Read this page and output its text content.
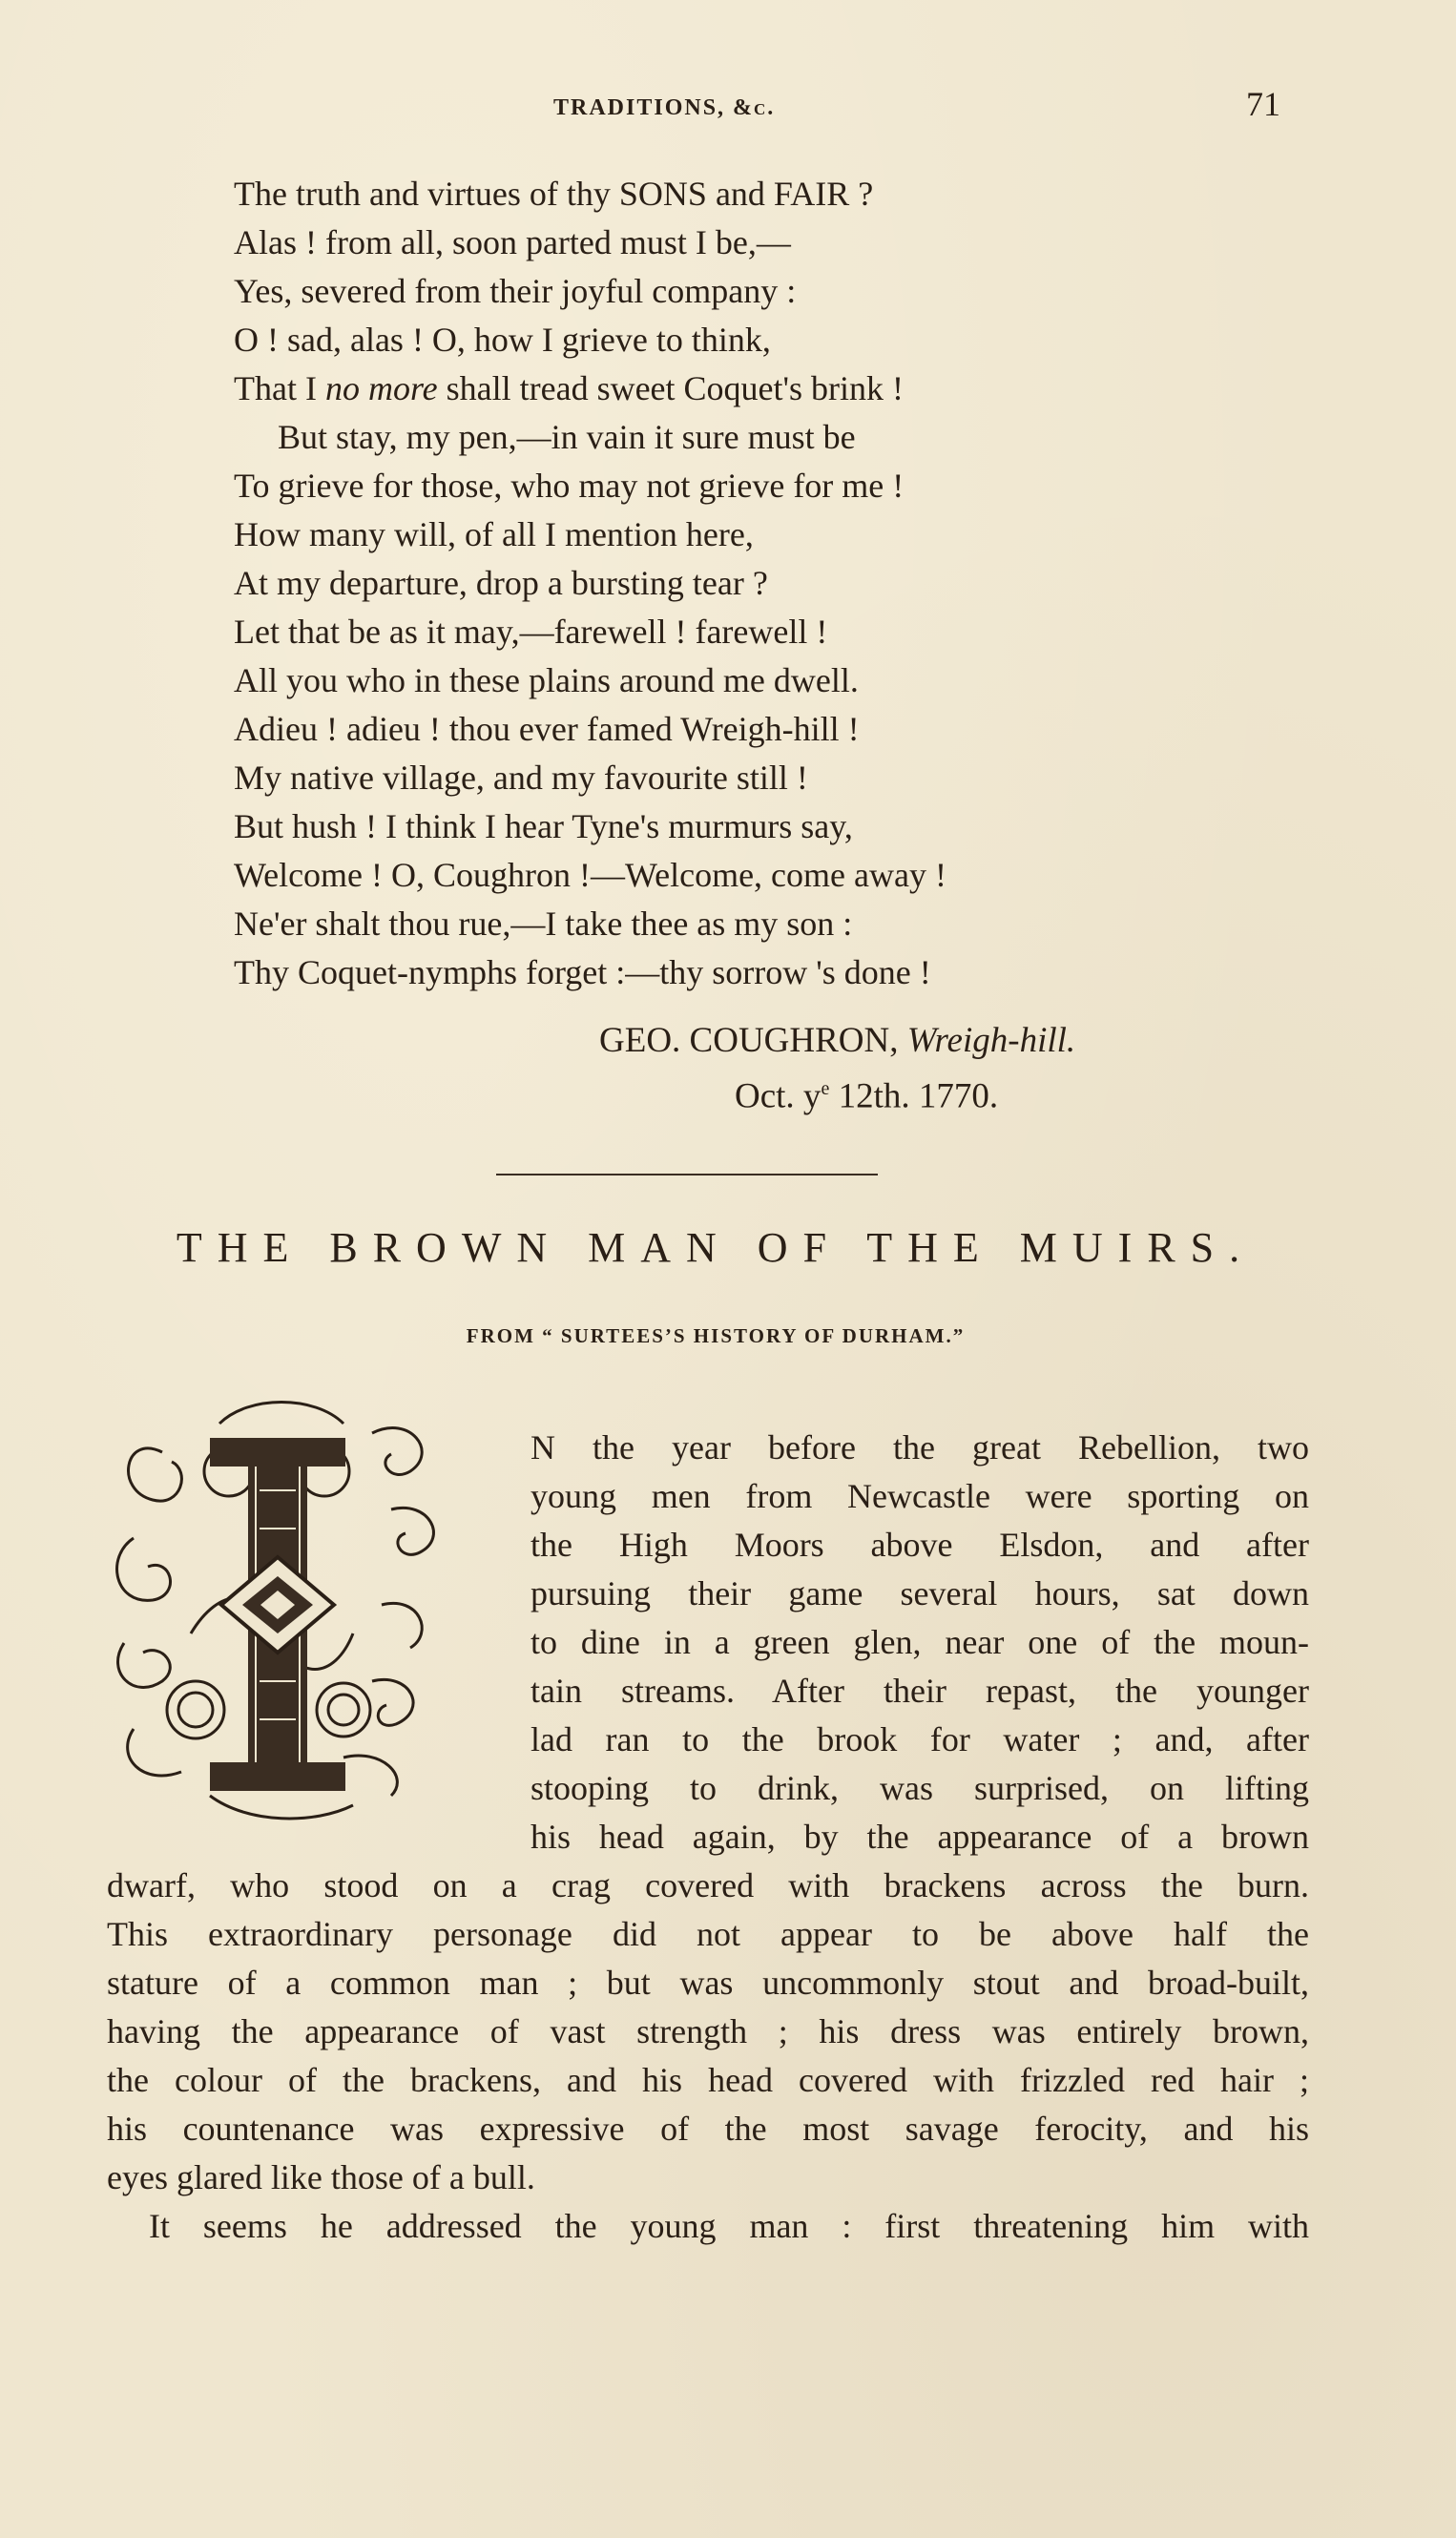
TRADITIONS, &c.	71
The truth and virtues of thy SONS and FAIR ?
Alas ! from all, soon parted must I be,—
Yes, severed from their joyful company :
O ! sad, alas ! O, how I grieve to think,
That I no more shall tread sweet Coquet's brink !
But stay, my pen,—in vain it sure must be
To grieve for those, who may not grieve for me !
How many will, of all I mention here,
At my departure, drop a bursting tear ?
Let that be as it may,—farewell ! farewell !
All you who in these plains around me dwell.
Adieu ! adieu ! thou ever famed Wreigh-hill !
My native village, and my favourite still !
But hush ! I think I hear Tyne's murmurs say,
Welcome ! O, Coughron !—Welcome, come away !
Ne'er shalt thou rue,—I take thee as my son :
Thy Coquet-nymphs forget :—thy sorrow 's done !
GEO. COUGHRON, Wreigh-hill.
Oct. $y^e$ 12th. 1770.
THE BROWN MAN OF THE MUIRS.
FROM “ SURTEES’S HISTORY OF DURHAM.”
N the year before the great Rebellion, two
young men from Newcastle were sporting on
the High Moors above Elsdon, and after
pursuing their game several hours, sat down
to dine in a green glen, near one of the moun-
tain streams. After their repast, the younger
lad ran to the brook for water ; and, after
stooping to drink, was surprised, on lifting
his head again, by the appearance of a brown
dwarf, who stood on a crag covered with brackens across the burn.
This extraordinary personage did not appear to be above half the
stature of a common man ; but was uncommonly stout and broad-built,
having the appearance of vast strength ; his dress was entirely brown,
the colour of the brackens, and his head covered with frizzled red hair ;
his countenance was expressive of the most savage ferocity, and his
eyes glared like those of a bull.
It seems he addressed the young man : first threatening him with
